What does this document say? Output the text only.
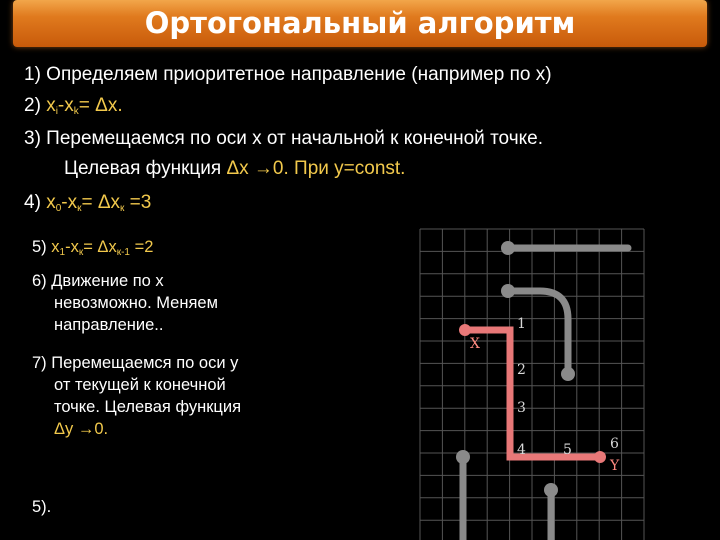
Ортогональный алгоритм
1) Определяем приоритетное направление (например по x)
2) $x_i-x_k= \Delta x$.
3) Перемещаемся по оси x от начальной к конечной точке.
Целевая функция Δx →0. При y=const.
4) $x_0-x_к= \Delta x_к =3$
5) $x_1-x_к= \Delta x_{к-1} =2$
6) Движение по x
невозможно. Меняем
направление..
7) Перемещаемся по оси y
от текущей к конечной
точке. Целевая функция
Δy →0.
5).
X
Y
1
2
3
4	5	6
